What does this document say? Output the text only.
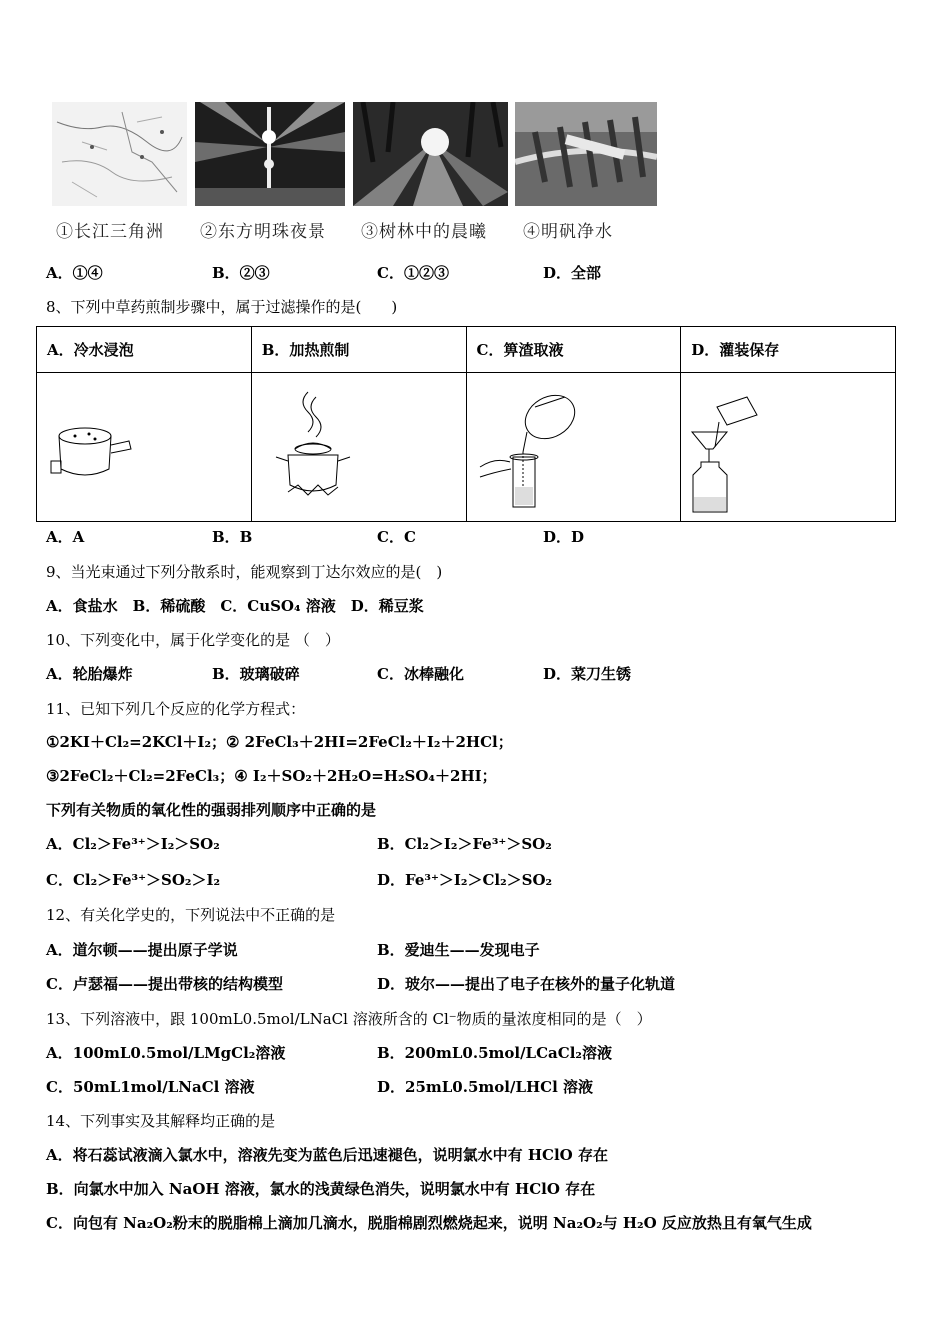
①长江三角洲 ②东方明珠夜景 ③树林中的晨曦 ④明矾净水
A．①④	B．②③	C．①②③	D．全部
8、下列中草药煎制步骤中，属于过滤操作的是(　　)
A．冷水浸泡	B．加热煎制	C．箅渣取液	D．灌装保存

A．A	B．B	C．C	D．D
9、当光束通过下列分散系时，能观察到丁达尔效应的是(　)
A．食盐水　B．稀硫酸　C．CuSO₄ 溶液　D．稀豆浆
10、下列变化中，属于化学变化的是 （　）
A．轮胎爆炸	B．玻璃破碎	C．冰棒融化	D．菜刀生锈
11、已知下列几个反应的化学方程式：
①2KI＋Cl₂=2KCl＋I₂；② 2FeCl₃＋2HI=2FeCl₂＋I₂＋2HCl；
③2FeCl₂＋Cl₂=2FeCl₃；④ I₂＋SO₂＋2H₂O=H₂SO₄＋2HI；
下列有关物质的氧化性的强弱排列顺序中正确的是
A．Cl₂＞Fe³⁺＞I₂＞SO₂	B．Cl₂＞I₂＞Fe³⁺＞SO₂
C．Cl₂＞Fe³⁺＞SO₂＞I₂	D．Fe³⁺＞I₂＞Cl₂＞SO₂
12、有关化学史的，下列说法中不正确的是
A．道尔顿——提出原子学说	B．爱迪生——发现电子
C．卢瑟福——提出带核的结构模型	D．玻尔——提出了电子在核外的量子化轨道
13、下列溶液中，跟 100mL0.5mol/LNaCl 溶液所含的 Cl⁻物质的量浓度相同的是（　）
A．100mL0.5mol/LMgCl₂溶液	B．200mL0.5mol/LCaCl₂溶液
C．50mL1mol/LNaCl 溶液	D．25mL0.5mol/LHCl 溶液
14、下列事实及其解释均正确的是
A．将石蕊试液滴入氯水中，溶液先变为蓝色后迅速褪色，说明氯水中有 HClO 存在
B．向氯水中加入 NaOH 溶液，氯水的浅黄绿色消失，说明氯水中有 HClO 存在
C．向包有 Na₂O₂粉末的脱脂棉上滴加几滴水，脱脂棉剧烈燃烧起来，说明 Na₂O₂与 H₂O 反应放热且有氧气生成
